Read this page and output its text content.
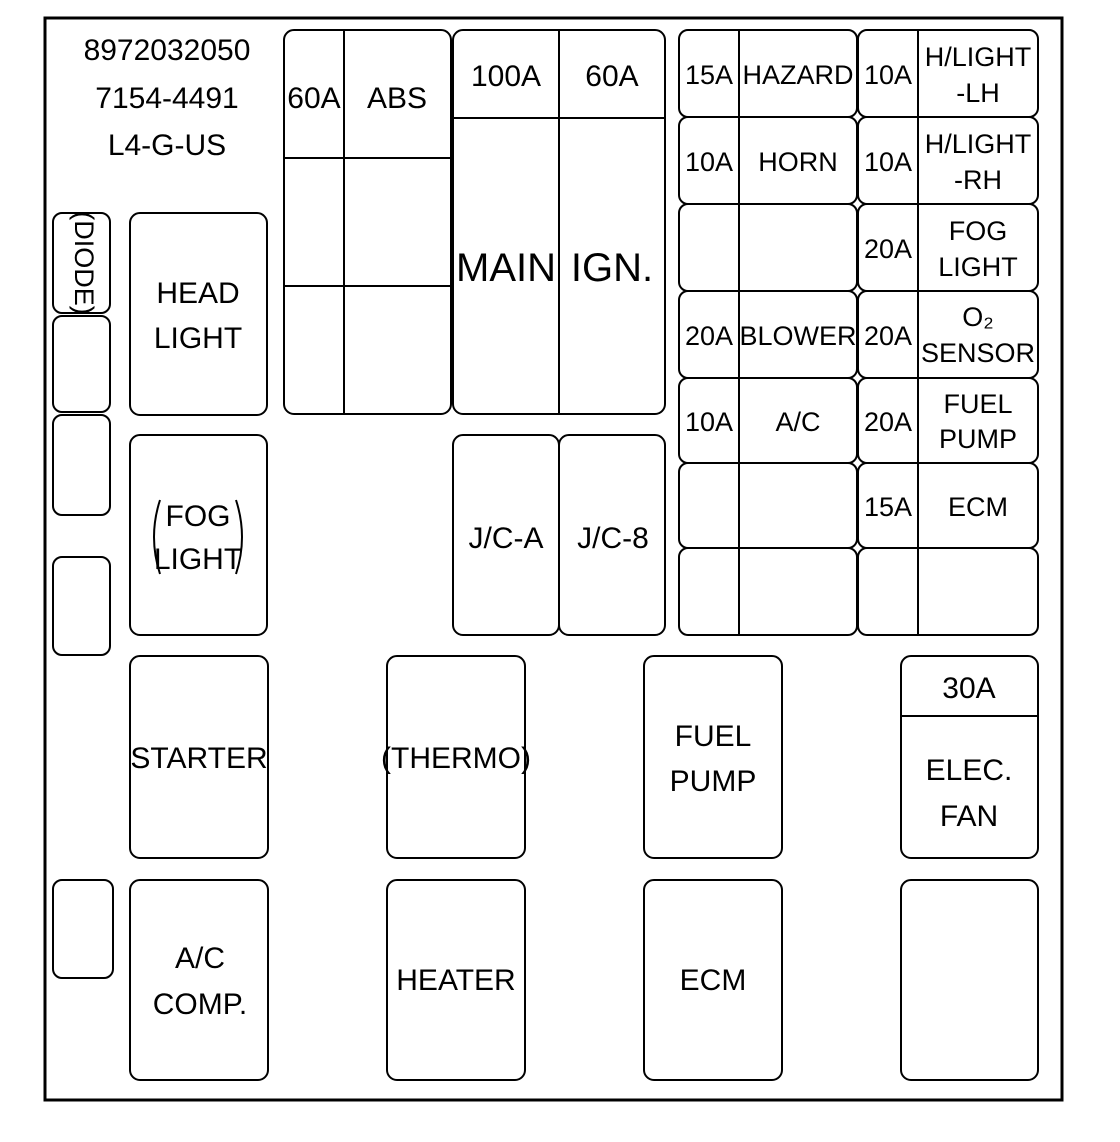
8972032050
7154-4491
L4-G-US
(DIODE) HEAD
LIGHT
FOG
LIGHT
STARTER
A/C
COMP.
60A ABS
100A 60A
MAIN IGN.
J/C-A J/C-8
(THERMO)
HEATER
FUEL
PUMP
ECM
30A
ELEC.
FAN
15A HAZARD 10A
H/LIGHT
-LH
10A HORN 10A
H/LIGHT
-RH
20A
FOG
LIGHT
20A BLOWER 20A
O₂
SENSOR
10A A/C 20A
FUEL
PUMP
15A ECM
